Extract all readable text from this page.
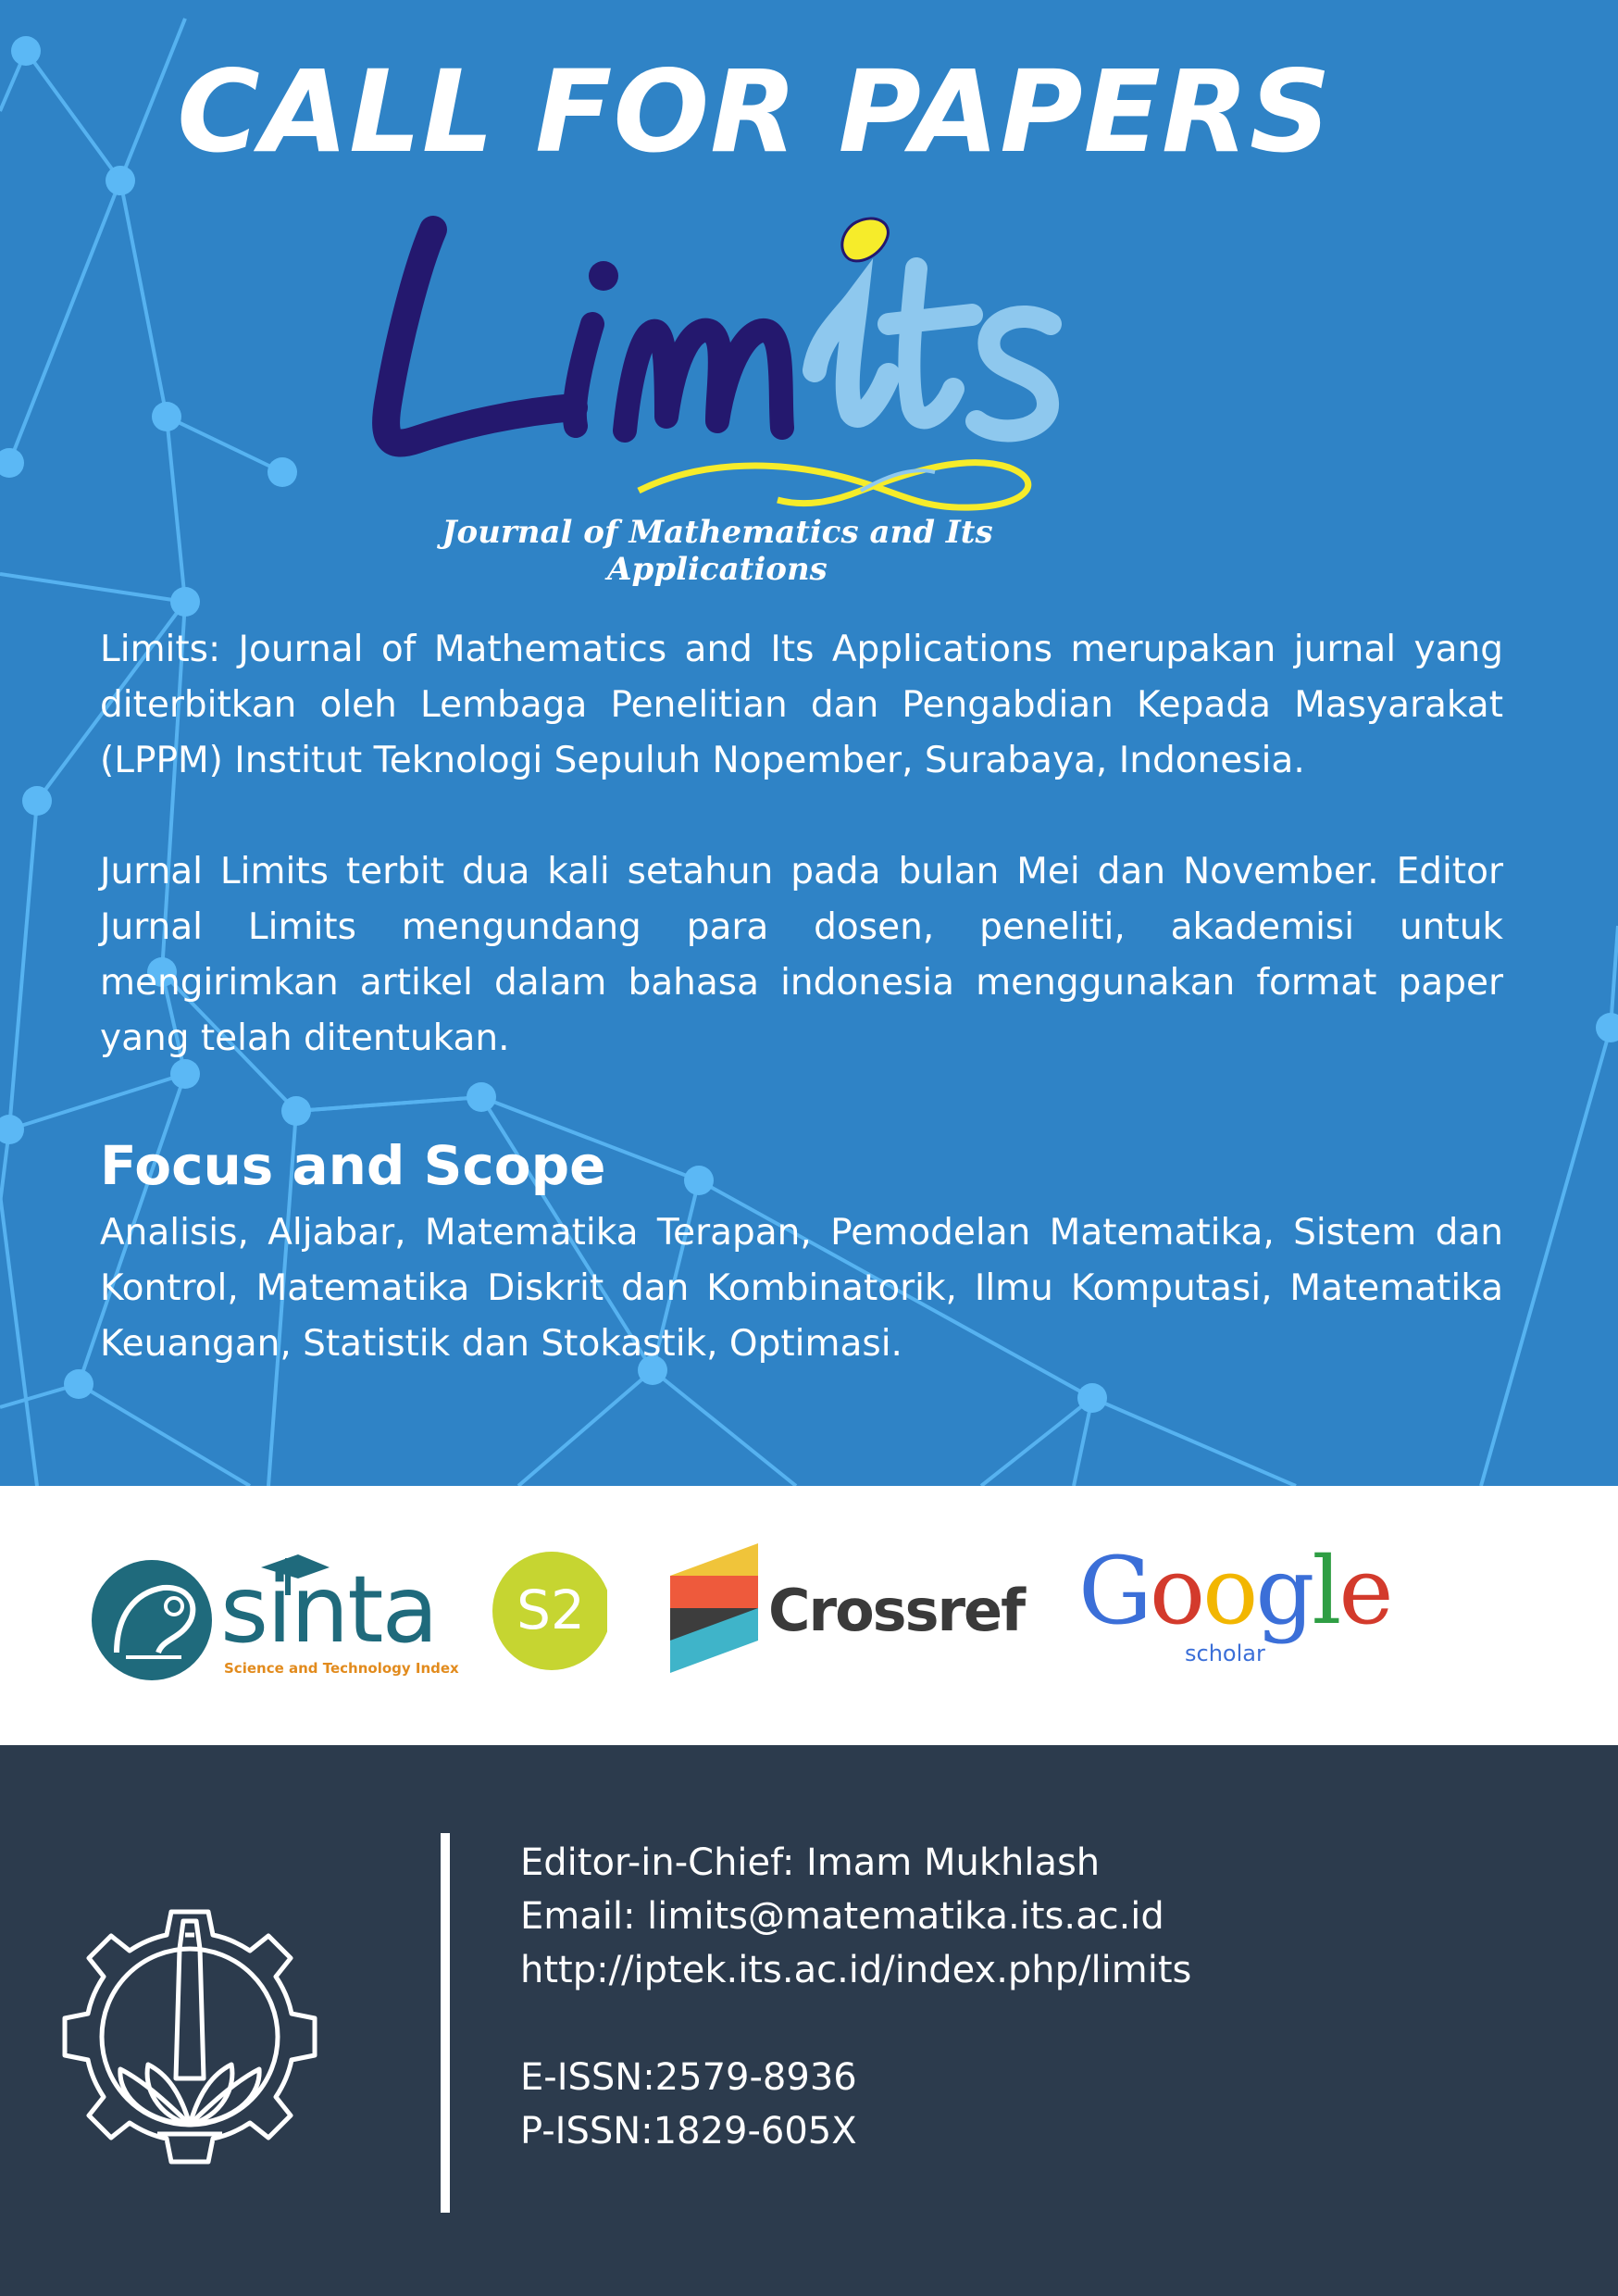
CALL FOR PAPERS
Journal of Mathematics and Its Applications
Limits: Journal of Mathematics and Its Applications merupakan jurnal yang diterbitkan oleh Lembaga Penelitian dan Pengabdian Kepada Masyarakat (LPPM) Institut Teknologi Sepuluh Nopember, Surabaya, Indonesia.
Jurnal Limits terbit dua kali setahun pada bulan Mei dan November. Editor Jurnal Limits mengundang para dosen, peneliti, akademisi untuk mengirimkan artikel dalam bahasa indonesia menggunakan format paper yang telah ditentukan.
Focus and Scope
Analisis, Aljabar, Matematika Terapan, Pemodelan Matematika, Sistem dan Kontrol, Matematika Diskrit dan Kombinatorik, Ilmu Komputasi, Matematika Keuangan, Statistik dan Stokastik, Optimasi.
sinta
Science and Technology Index
S2	Crossref Google
scholar
Editor-in-Chief: Imam Mukhlash
Email: limits@matematika.its.ac.id
http://iptek.its.ac.id/index.php/limits
E-ISSN:2579-8936
P-ISSN:1829-605X
